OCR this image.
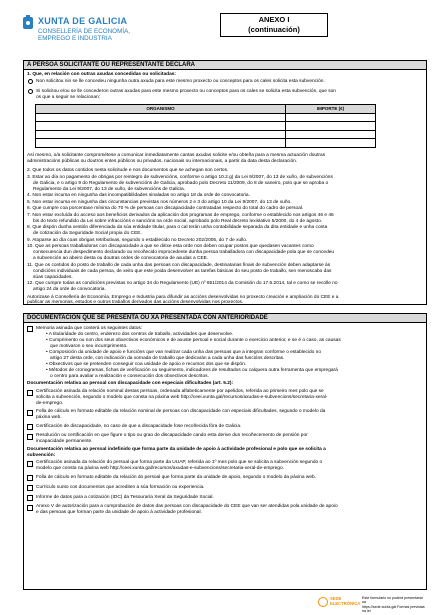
XUNTA DE GALICIA
CONSELLERÍA DE ECONOMÍA,
EMPREGO E INDUSTRIA
ANEXO I
(continuación)
A PERSOA SOLICITANTE OU REPRESENTANTE DECLARA
1. Que, en relación con outras axudas concedidas ou solicitadas:
Non solicitou nin se lle concedeu ningunha outra axuda para este mesmo proxecto ou conceptos para os cales solicita esta subvención.
Si solicitou e/ou se lle concederon outras axudas para este mesmo proxecto ou conceptos para os cales se solicita esta subvención, que son
os que a seguir se relacionan:
ORGANISMO	IMPORTE (€)

Así mesmo, o/a solicitante comprométese a comunicar inmediatamente cantas axudas solicite e/ou obteña para a mesma actuación doutras
administracións públicas ou doutros entes públicos ou privados, nacionais ou internacionais, a partir da data desta declaración.
2. Que todos os datos contidos nesta solicitude e nos documentos que se achegan son certos.
3. Estar ao día no pagamento de obrigas por reintegro de subvencións, conforme o artigo 10.2.g) da Lei 9/2007, do 13 de xuño, de subvencións
de Galicia, e o artigo 9 do Regulamento de subvencións de Galicia, aprobado polo Decreto 11/2009, do 8 de xaneiro, polo que se aproba o
Regulamento da Lei 9/2007, do 13 de xuño, de subvencións de Galicia.
4. Non estar incursa en ningunha das incompatibilidades sinaladas no artigo 18 da orde de convocatoria.
5. Non estar incursa en ningunha das circunstancias previstas nos números 2 e 3 do artigo 10 da Lei 9/2007, do 13 de xuño.
6. Que cumpre coa porcentaxe mínima do 70 % de persoas con discapacidade contratadas respecto do total do cadro de persoal.
7. Non estar excluída do acceso aos beneficios derivados da aplicación dos programas de emprego, conforme o establecido nos artigos 46 e 46
bis do texto refundido da Lei sobre infraccións e sancións na orde social, aprobado polo Real decreto lexislativo 5/2000, do 4 de agosto.
8. Que dispón dunha xestión diferenciada da súa entidade titular, para o cal terán unha contabilidade separada da dita entidade e unha conta
de cotización da Seguridade Social propia do CEE.
9. Atoparse ao día coas obrigas retributivas, segundo o establecido no Decreto 202/2005, do 7 de xullo.
10. Que as persoas traballadoras con discapacidade a que se dirixe esta orde non deben ocupar postos que quedasen vacantes como
consecuencia dun despedimento declarado ou recoñecido improcedente dunha persoa traballadora con discapacidade pola que se concedeu
a subvención ao abeiro desta ou doutras ordes de convocatoria de axudas a CEE.
11. Que os contidos do posto de traballo de cada unha das persoas con discapacidade, destinatarias finais de subvención deben adaptarse ás
condicións individuais de cada persoa, de xeito que este poida desenvolver as tarefas básicas do seu posto de traballo, sen menoscabo das
súas capacidades.
12. Que cumpre todas as condicións previstas no artigo 34 do Regulamento (UE) nº 651/2014 da Comisión do 17.6.2014, tal e como se recolle no
artigo 24 da orde de convocatoria.
Autorizase á Consellería de Economía, Emprego e Industria para difundir as accións desenvolvidas no proxecto creación e ampliación do CEE e a
publicar as memorias, estudos e outros traballos derivados das accións desenvolvidas nos proxectos.
DOCUMENTACIÓN QUE SE PRESENTA OU XA PRESENTADA CON ANTERIORIDADE
Memoria asinada que conterá os seguintes datos:
• A titularidade do centro, enderezo dos centros de traballo, actividades que desenvolve.
• Cumprimento ou non dos seus obxectivos económicos e de axuste persoal e social durante o exercicio anterior, e se é o caso, as causas
que motivaron o seu incumprimento.
• Composición da unidade de apoio e funcións que van realizar cada unha das persoas que a integran conforme o establecido no
artigo 27 desta orde, con indicación da xornada de traballo que dedicarán a cada unha das funcións descritas.
• Obxectivos que se pretenden conseguir coa unidade de apoio e recursos dos que se dispón.
• Métodos de cronogramas, fichas de verificación ou seguimento, indicadores de resultados ou calquera outra ferramenta que empregará
o centro para avaliar a realización e consecución dos obxectivos descritos.
Documentación relativa ao persoal con discapacidade con especiais dificultades (art. 5.2):
Certificación asinada da relación nominal destas persoas, ordenada alfabeticamente por apelidos, referida ao primeiro mes polo que se
solicita a subvención, segundo o modelo que consta na páxina web http://ceei.xunta.gal/recursos/axudas-e-subvencions/secretaria-xeral-
de-emprego.
Folla de cálculo en formato editable da relación nominal de persoas con discapacidade con especiais dificultades, segundo o modelo da
páxina web.
Certificación de discapacidade, no caso de que a discapacidade fose recoñecida fóra de Galicia.
Resolución ou certificación en que figure o tipo ou grao de discapacidade cando esta derive dun recoñecemento de pensión por
incapacidade permanente.
Documentación relativa ao persoal indefinido que forma parte da unidade de apoio á actividade profesional e polo que se solicita a
subvención:
Certificación asinada da relación do persoal que forma parte da UUAP, referida ao 1º mes polo que se solicita a subvención segundo o
modelo que consta na páxina web http://ceei.xunta.gal/recursos/axudas-e-subvencions/secretaria-xeral-de-emprego.
Folla de cálculo en formato editable da relación do persoal que forma parte da unidade de apoio, segundo o modelo da páxina web.
Currículo xunto cos documentos que acrediten a súa formación ou experiencia.
Informe de datos para a cotización (IDC) da Tesouraría Xeral da Seguridade Social.
Anexo V de autorización para a comprobación de datos das persoas con discapacidade do CEE que van ser atendidas pola unidade de apoio
e das persoas que forman parte da unidade de apoio á actividade profesional.
SEDE
ELECTRÓNICA
Este formulario só poderá presentarse na
https://sede.xunta.gal Formas previstas na lei
